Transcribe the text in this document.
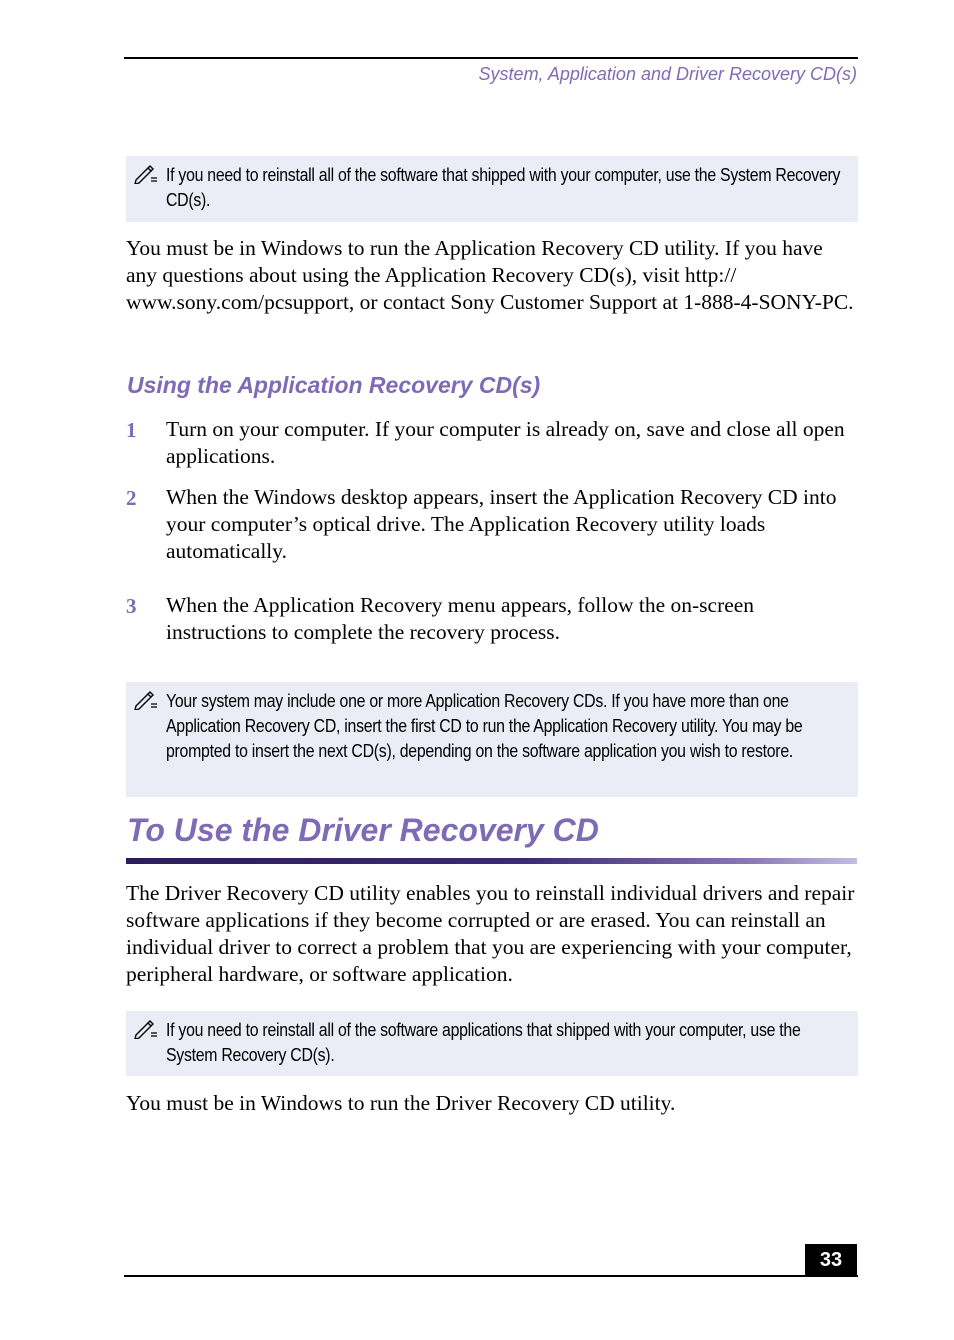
System, Application and Driver Recovery CD(s)
If you need to reinstall all of the software that shipped with your computer, use the System Recovery CD(s).

You must be in Windows to run the Application Recovery CD utility. If you have any questions about using the Application Recovery CD(s), visit http:// www.sony.com/pcsupport, or contact Sony Customer Support at 1-888-4-SONY-PC.

Using the Application Recovery CD(s)
1 Turn on your computer. If your computer is already on, save and close all open applications.

2 When the Windows desktop appears, insert the Application Recovery CD into your computer’s optical drive. The Application Recovery utility loads automatically.

3 When the Application Recovery menu appears, follow the on-screen instructions to complete the recovery process.

Your system may include one or more Application Recovery CDs. If you have more than one Application Recovery CD, insert the first CD to run the Application Recovery utility. You may be prompted to insert the next CD(s), depending on the software application you wish to restore.
To Use the Driver Recovery CD

The Driver Recovery CD utility enables you to reinstall individual drivers and repair software applications if they become corrupted or are erased. You can reinstall an individual driver to correct a problem that you are experiencing with your computer, peripheral hardware, or software application.

If you need to reinstall all of the software applications that shipped with your computer, use the System Recovery CD(s).

You must be in Windows to run the Driver Recovery CD utility.

33
